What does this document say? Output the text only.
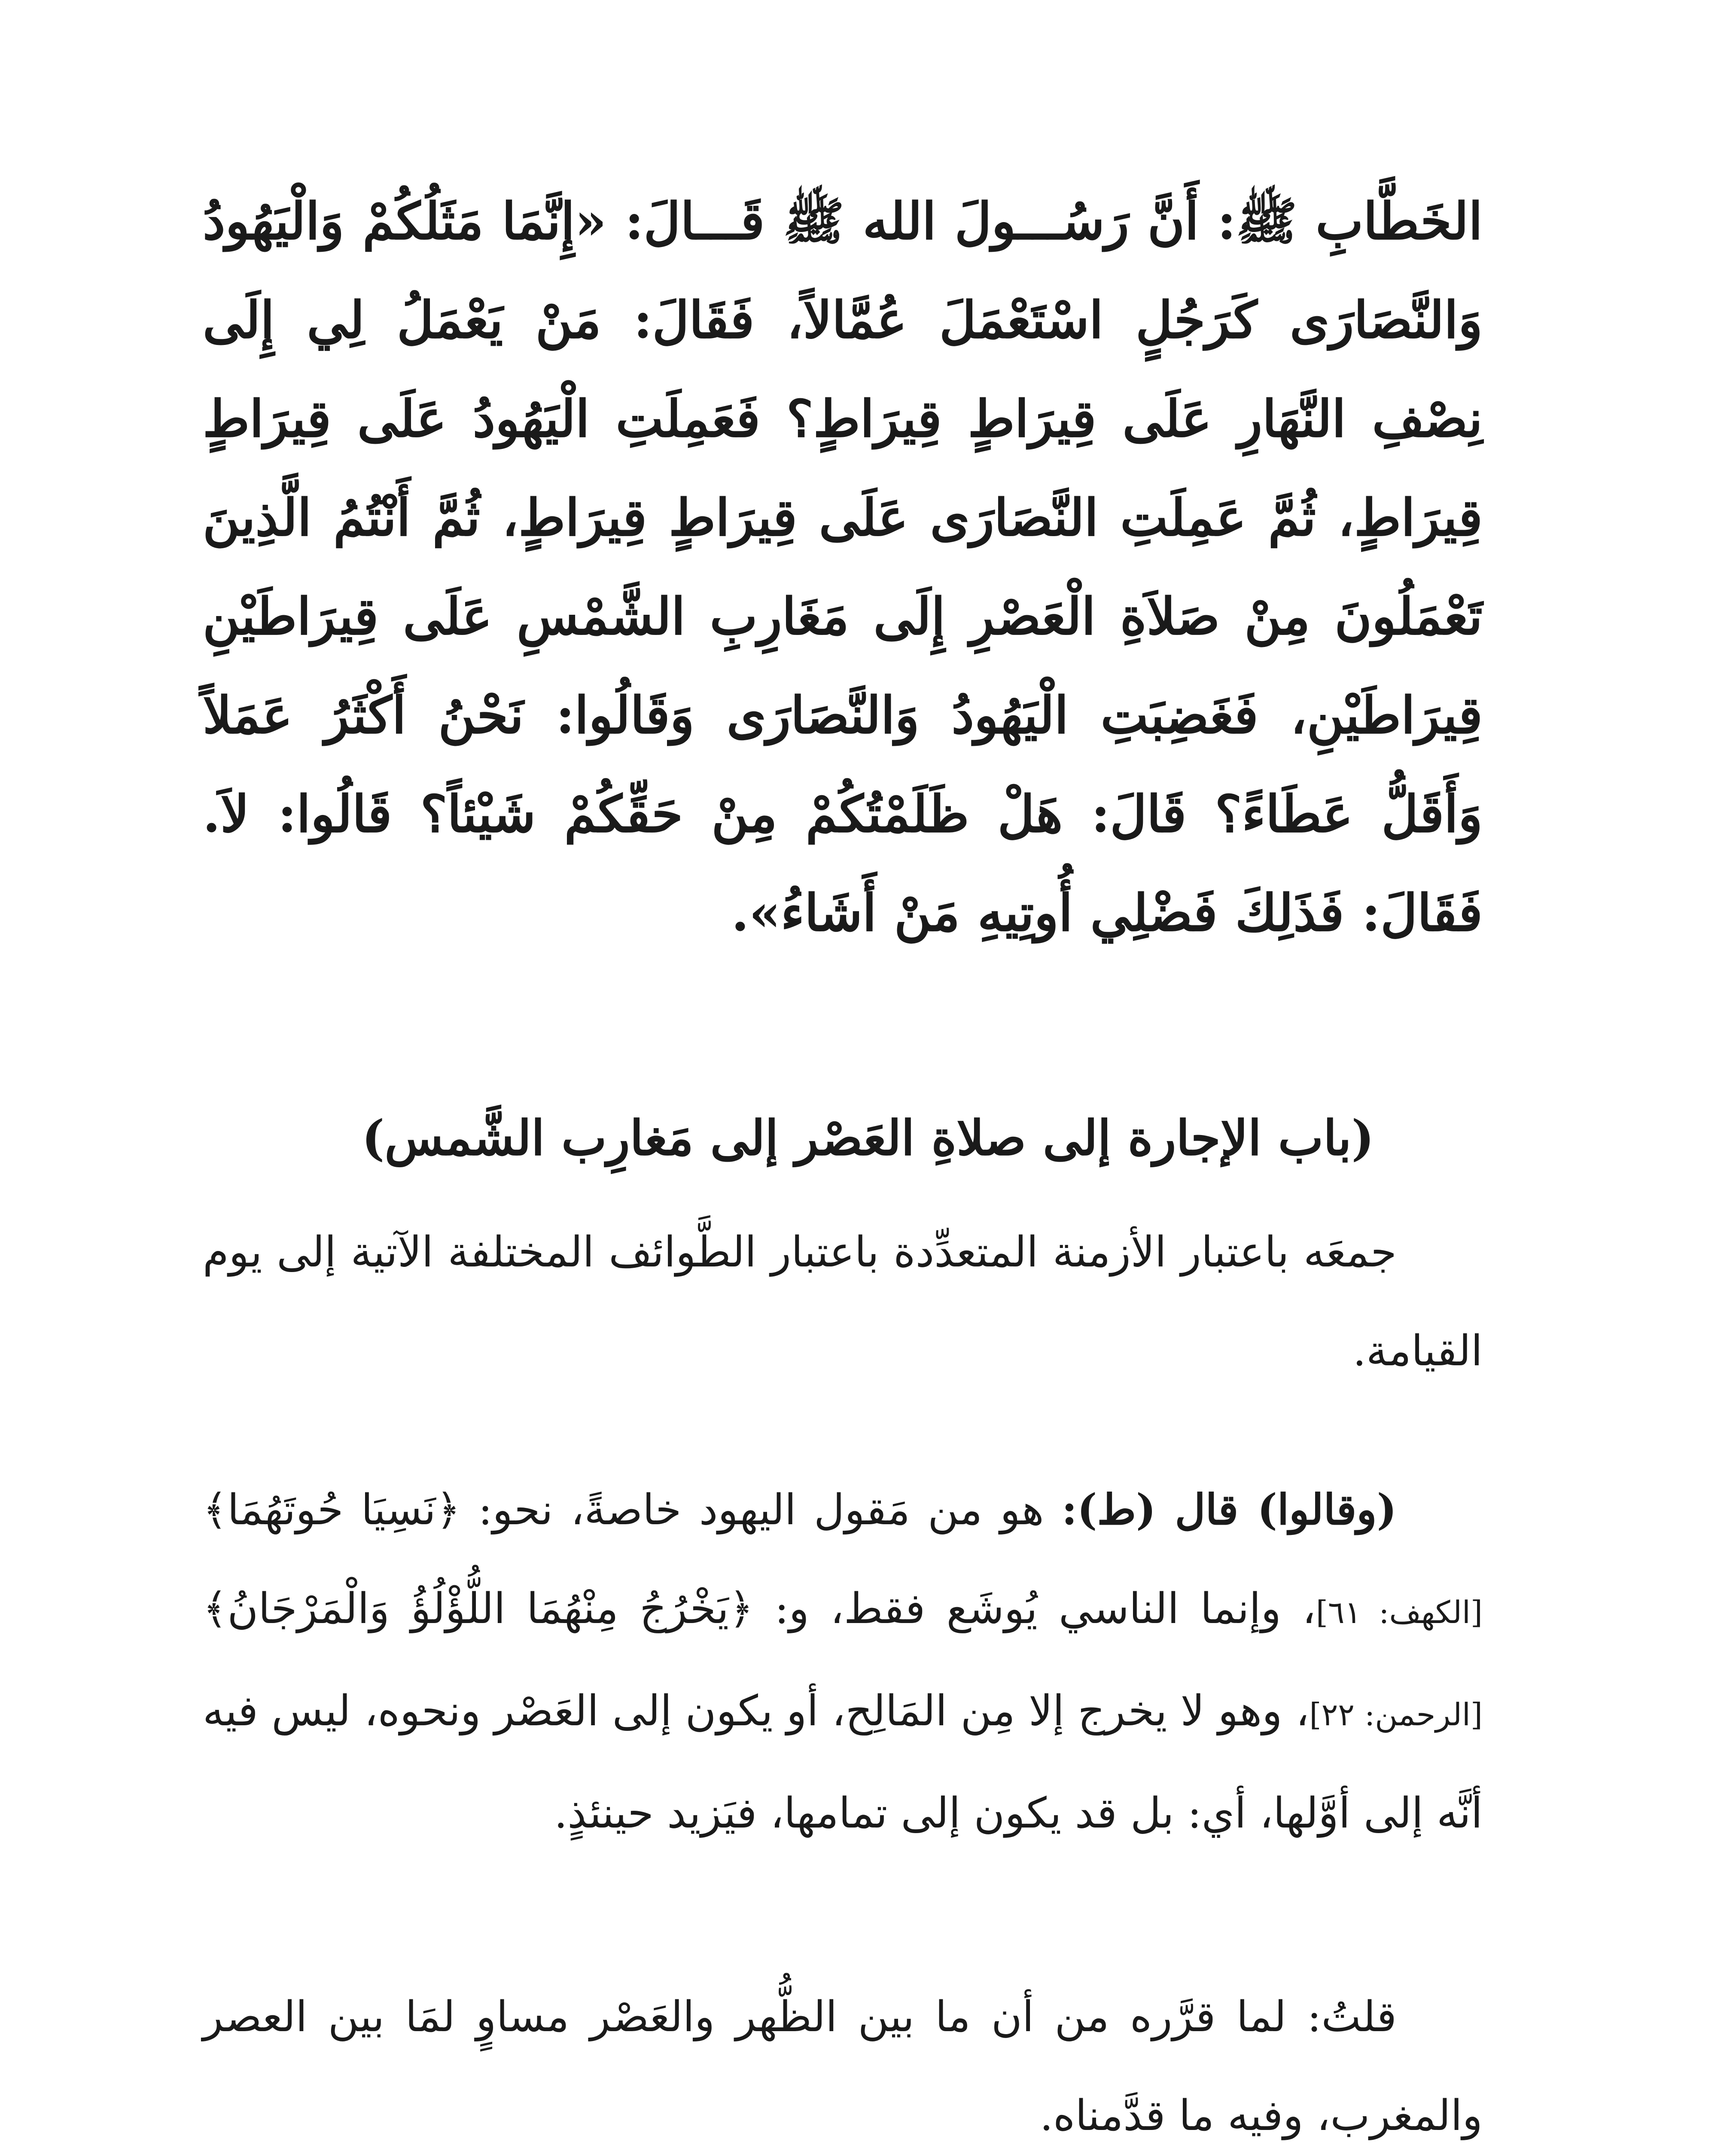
الخَطَّابِ ﷺ: أَنَّ رَسُـــولَ الله ﷺ قَـــالَ: «إِنَّمَا مَثَلُكُمْ وَالْيَهُودُ وَالنَّصَارَى كَرَجُلٍ اسْتَعْمَلَ عُمَّالاً، فَقَالَ: مَنْ يَعْمَلُ لِي إِلَى نِصْفِ النَّهَارِ عَلَى قِيرَاطٍ قِيرَاطٍ؟ فَعَمِلَتِ الْيَهُودُ عَلَى قِيرَاطٍ قِيرَاطٍ، ثُمَّ عَمِلَتِ النَّصَارَى عَلَى قِيرَاطٍ قِيرَاطٍ، ثُمَّ أَنْتُمُ الَّذِينَ تَعْمَلُونَ مِنْ صَلاَةِ الْعَصْرِ إِلَى مَغَارِبِ الشَّمْسِ عَلَى قِيرَاطَيْنِ قِيرَاطَيْنِ، فَغَضِبَتِ الْيَهُودُ وَالنَّصَارَى وَقَالُوا: نَحْنُ أَكْثَرُ عَمَلاً وَأَقَلُّ عَطَاءً؟ قَالَ: هَلْ ظَلَمْتُكُمْ مِنْ حَقِّكُمْ شَيْئاً؟ قَالُوا: لاَ. فَقَالَ: فَذَلِكَ فَضْلِي أُوتِيهِ مَنْ أَشَاءُ».

(باب الإجارة إلى صلاةِ العَصْر إلى مَغارِب الشَّمس)

جمعَه باعتبار الأزمنة المتعدِّدة باعتبار الطَّوائف المختلفة الآتية إلى يوم القيامة.

(وقالوا) قال (ط): هو من مَقول اليهود خاصةً، نحو: ﴿نَسِيَا حُوتَهُمَا﴾[الكهف: ٦١]، وإنما الناسي يُوشَع فقط، و: ﴿يَخْرُجُ مِنْهُمَا اللُّؤْلُؤُ وَالْمَرْجَانُ﴾[الرحمن: ٢٢]، وهو لا يخرج إلا مِن المَالِح، أو يكون إلى العَصْر ونحوه، ليس فيه أنَّه إلى أوَّلها، أي: بل قد يكون إلى تمامها، فيَزيد حينئذٍ.

قلتُ: لما قرَّره من أن ما بين الظُّهر والعَصْر مساوٍ لمَا بين العصر والمغرب، وفيه ما قدَّمناه.
